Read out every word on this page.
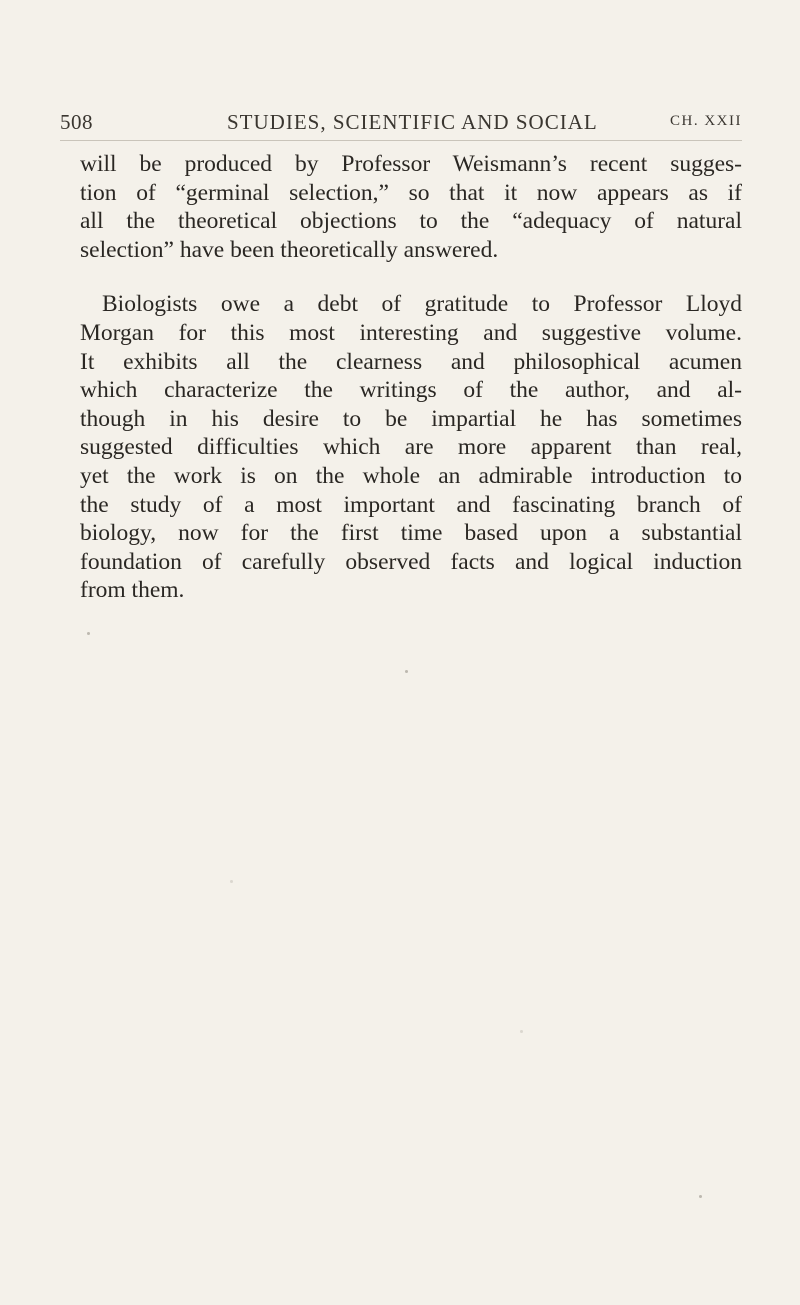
508	STUDIES, SCIENTIFIC AND SOCIAL	CH. XXII

will be produced by Professor Weismann’s recent sugges-
tion of “germinal selection,” so that it now appears as if
all the theoretical objections to the “adequacy of natural
selection” have been theoretically answered.

Biologists owe a debt of gratitude to Professor Lloyd
Morgan for this most interesting and suggestive volume.
It exhibits all the clearness and philosophical acumen
which characterize the writings of the author, and al-
though in his desire to be impartial he has sometimes
suggested difficulties which are more apparent than real,
yet the work is on the whole an admirable introduction to
the study of a most important and fascinating branch of
biology, now for the first time based upon a substantial
foundation of carefully observed facts and logical induction
from them.
